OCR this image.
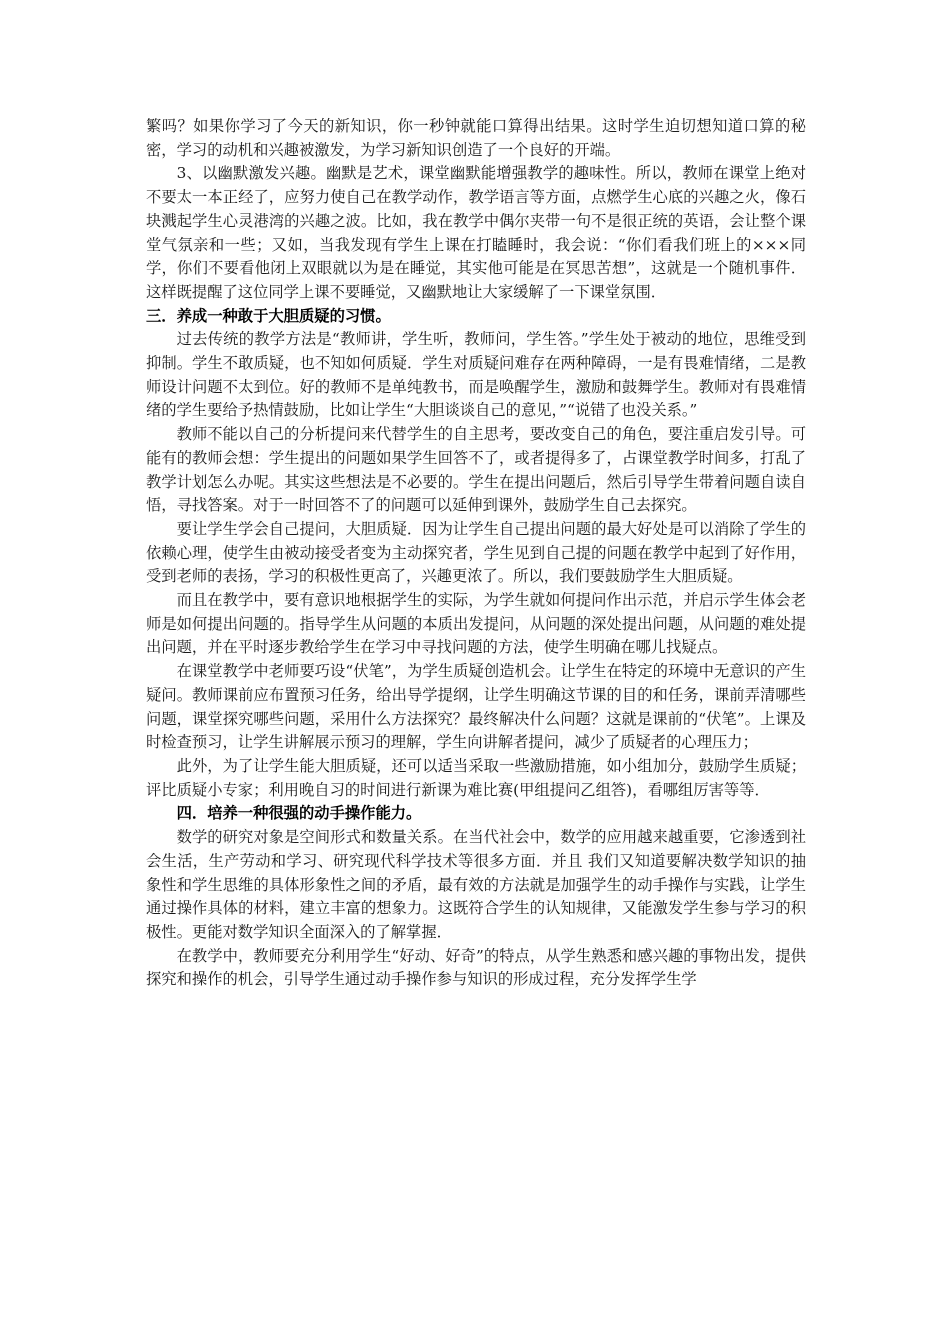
繁吗？如果你学习了今天的新知识，你一秒钟就能口算得出结果。这时学生迫切想知道口算的秘密，学习的动机和兴趣被激发，为学习新知识创造了一个良好的开端。

3、以幽默激发兴趣。幽默是艺术，课堂幽默能增强教学的趣味性。所以，教师在课堂上绝对不要太一本正经了，应努力使自己在教学动作，教学语言等方面，点燃学生心底的兴趣之火，像石块溅起学生心灵港湾的兴趣之波。比如，我在教学中偶尔夹带一句不是很正统的英语，会让整个课堂气氛亲和一些；又如，当我发现有学生上课在打瞌睡时，我会说：“你们看我们班上的×××同学，你们不要看他闭上双眼就以为是在睡觉，其实他可能是在冥思苦想”，这就是一个随机事件．这样既提醒了这位同学上课不要睡觉，又幽默地让大家缓解了一下课堂氛围．

三．养成一种敢于大胆质疑的习惯。

过去传统的教学方法是“教师讲，学生听，教师问，学生答。”学生处于被动的地位，思维受到抑制。学生不敢质疑，也不知如何质疑．学生对质疑问难存在两种障碍，一是有畏难情绪，二是教师设计问题不太到位。好的教师不是单纯教书，而是唤醒学生，激励和鼓舞学生。教师对有畏难情绪的学生要给予热情鼓励，比如让学生“大胆谈谈自己的意见，”“说错了也没关系。”

教师不能以自己的分析提问来代替学生的自主思考，要改变自己的角色，要注重启发引导。可能有的教师会想：学生提出的问题如果学生回答不了，或者提得多了，占课堂教学时间多，打乱了教学计划怎么办呢。其实这些想法是不必要的。学生在提出问题后，然后引导学生带着问题自读自悟，寻找答案。对于一时回答不了的问题可以延伸到课外，鼓励学生自己去探究。

要让学生学会自己提问，大胆质疑．因为让学生自己提出问题的最大好处是可以消除了学生的依赖心理，使学生由被动接受者变为主动探究者，学生见到自己提的问题在教学中起到了好作用，受到老师的表扬，学习的积极性更高了，兴趣更浓了。所以，我们要鼓励学生大胆质疑。

而且在教学中，要有意识地根据学生的实际，为学生就如何提问作出示范，并启示学生体会老师是如何提出问题的。指导学生从问题的本质出发提问，从问题的深处提出问题，从问题的难处提出问题，并在平时逐步教给学生在学习中寻找问题的方法，使学生明确在哪儿找疑点。

在课堂教学中老师要巧设“伏笔”，为学生质疑创造机会。让学生在特定的环境中无意识的产生疑问。教师课前应布置预习任务，给出导学提纲，让学生明确这节课的目的和任务，课前弄清哪些问题，课堂探究哪些问题，采用什么方法探究？最终解决什么问题？这就是课前的“伏笔”。上课及时检查预习，让学生讲解展示预习的理解，学生向讲解者提问，减少了质疑者的心理压力；

此外，为了让学生能大胆质疑，还可以适当采取一些激励措施，如小组加分，鼓励学生质疑；评比质疑小专家；利用晚自习的时间进行新课为难比赛(甲组提问乙组答)，看哪组厉害等等．

四．培养一种很强的动手操作能力。

数学的研究对象是空间形式和数量关系。在当代社会中，数学的应用越来越重要，它渗透到社会生活，生产劳动和学习、研究现代科学技术等很多方面．并且 我们又知道要解决数学知识的抽象性和学生思维的具体形象性之间的矛盾，最有效的方法就是加强学生的动手操作与实践，让学生通过操作具体的材料，建立丰富的想象力。这既符合学生的认知规律，又能激发学生参与学习的积极性。更能对数学知识全面深入的了解掌握．

在教学中，教师要充分利用学生“好动、好奇”的特点，从学生熟悉和感兴趣的事物出发，提供探究和操作的机会，引导学生通过动手操作参与知识的形成过程，充分发挥学生学
